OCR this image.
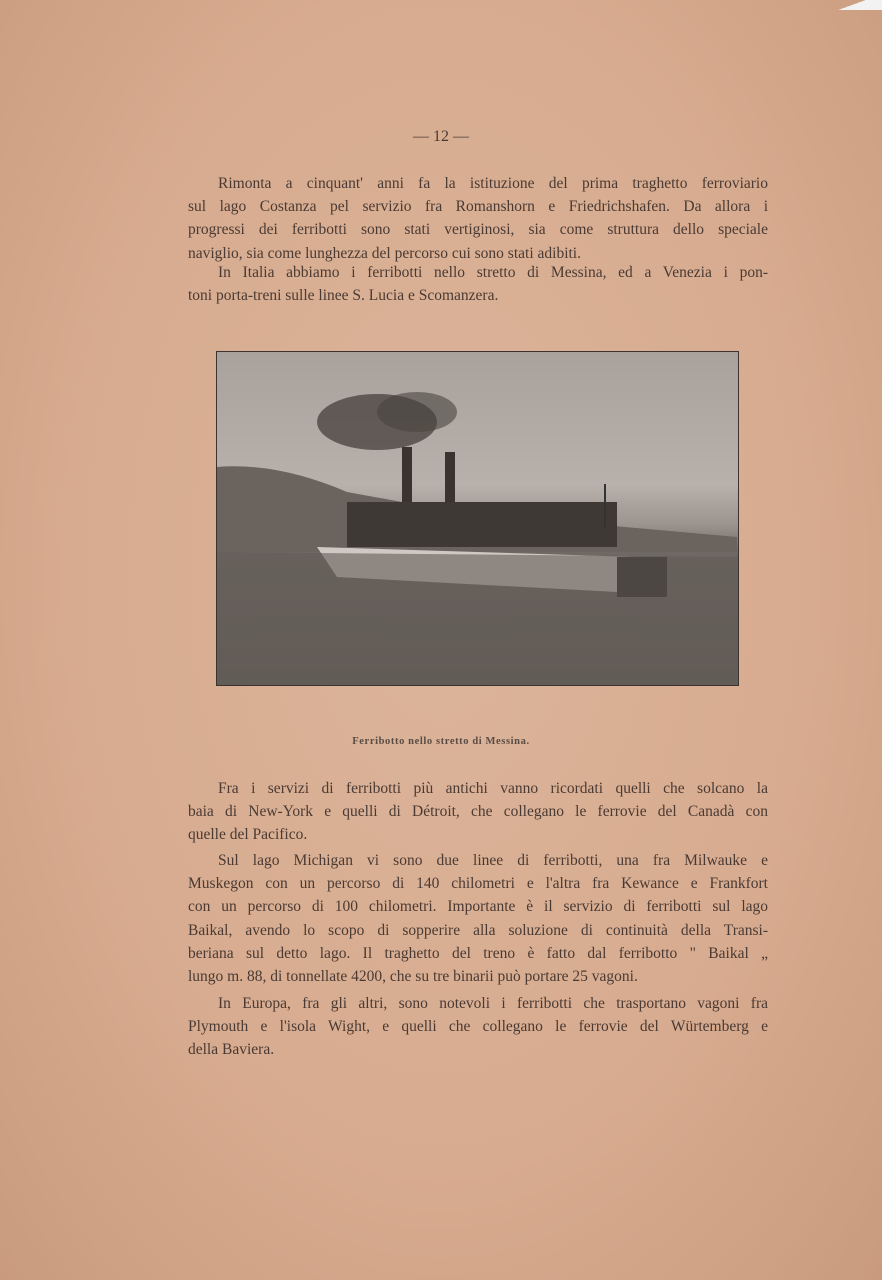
— 12 —
Rimonta a cinquant' anni fa la istituzione del prima traghetto ferroviario
sul lago Costanza pel servizio fra Romanshorn e Friedrichshafen. Da allora i
progressi dei ferribotti sono stati vertiginosi, sia come struttura dello speciale
naviglio, sia come lunghezza del percorso cui sono stati adibiti.
In Italia abbiamo i ferribotti nello stretto di Messina, ed a Venezia i pon-
toni porta-treni sulle linee S. Lucia e Scomanzera.
Ferribotto nello stretto di Messina.
Fra i servizi di ferribotti più antichi vanno ricordati quelli che solcano la
baia di New-York e quelli di Détroit, che collegano le ferrovie del Canadà con
quelle del Pacifico.
Sul lago Michigan vi sono due linee di ferribotti, una fra Milwauke e
Muskegon con un percorso di 140 chilometri e l'altra fra Kewance e Frankfort
con un percorso di 100 chilometri. Importante è il servizio di ferribotti sul lago
Baikal, avendo lo scopo di sopperire alla soluzione di continuità della Transi-
beriana sul detto lago. Il traghetto del treno è fatto dal ferribotto " Baikal „
lungo m. 88, di tonnellate 4200, che su tre binarii può portare 25 vagoni.
In Europa, fra gli altri, sono notevoli i ferribotti che trasportano vagoni fra
Plymouth e l'isola Wight, e quelli che collegano le ferrovie del Würtemberg e
della Baviera.
